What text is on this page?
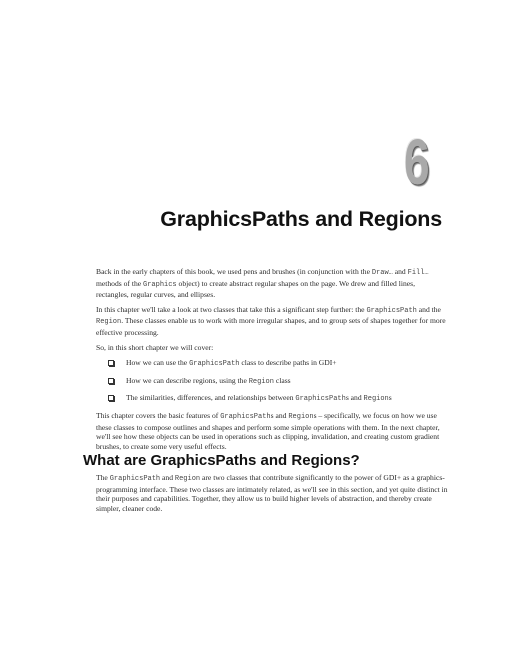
6
GraphicsPaths and Regions

Back in the early chapters of this book, we used pens and brushes (in conjunction with the Draw… and Fill… methods of the Graphics object) to create abstract regular shapes on the page. We drew and filled lines, rectangles, regular curves, and ellipses.

In this chapter we'll take a look at two classes that take this a significant step further: the GraphicsPath and the Region. These classes enable us to work with more irregular shapes, and to group sets of shapes together for more effective processing.

So, in this short chapter we will cover:

How we can use the GraphicsPath class to describe paths in GDI+
How we can describe regions, using the Region class
The similarities, differences, and relationships between GraphicsPaths and Regions

This chapter covers the basic features of GraphicsPaths and Regions – specifically, we focus on how we use these classes to compose outlines and shapes and perform some simple operations with them. In the next chapter, we'll see how these objects can be used in operations such as clipping, invalidation, and creating custom gradient brushes, to create some very useful effects.

What are GraphicsPaths and Regions?

The GraphicsPath and Region are two classes that contribute significantly to the power of GDI+ as a graphics-programming interface. These two classes are intimately related, as we'll see in this section, and yet quite distinct in their purposes and capabilities. Together, they allow us to build higher levels of abstraction, and thereby create simpler, cleaner code.
